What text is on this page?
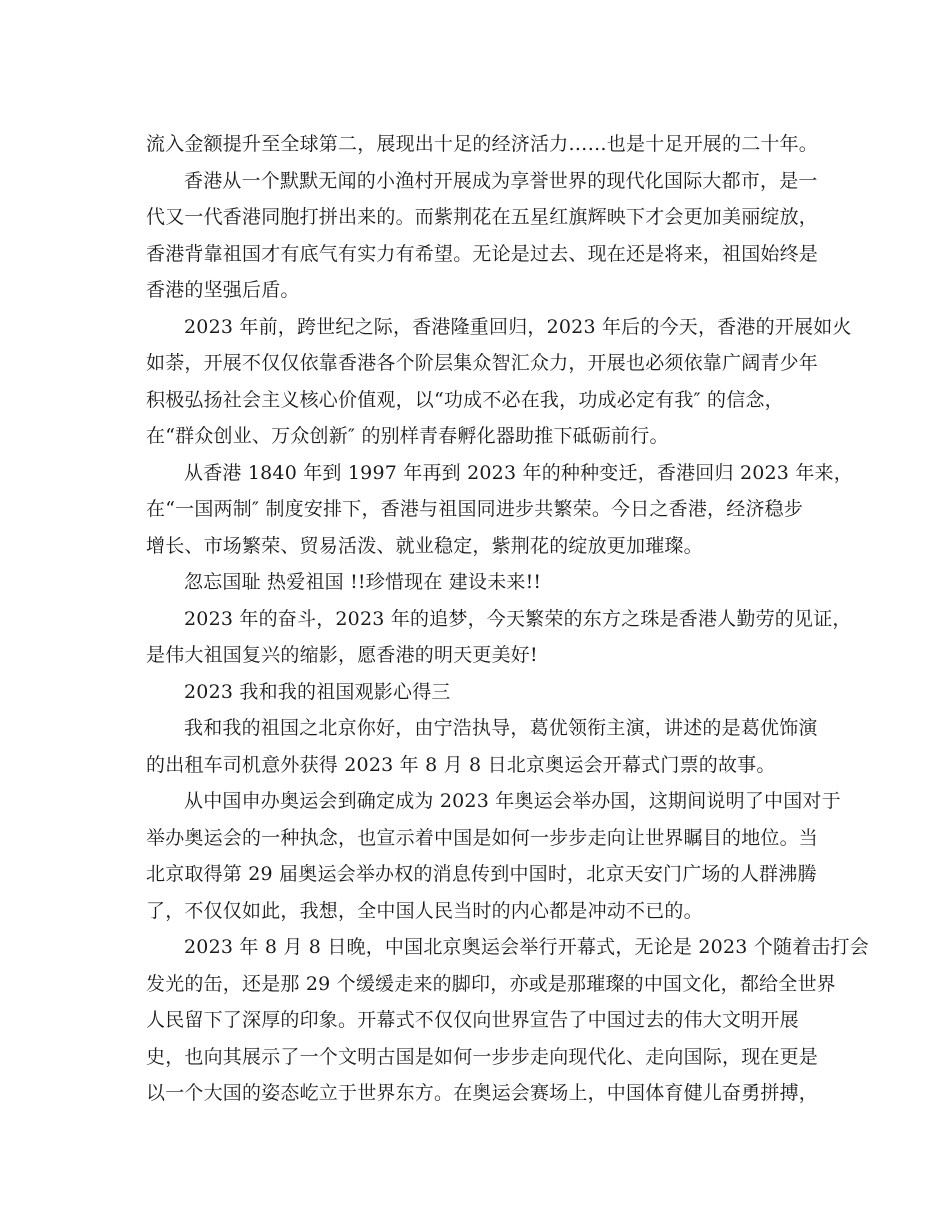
流入金额提升至全球第二，展现出十足的经济活力……也是十足开展的二十年。
香港从一个默默无闻的小渔村开展成为享誉世界的现代化国际大都市，是一
代又一代香港同胞打拼出来的。而紫荆花在五星红旗辉映下才会更加美丽绽放，
香港背靠祖国才有底气有实力有希望。无论是过去、现在还是将来，祖国始终是
香港的坚强后盾。
2023 年前，跨世纪之际，香港隆重回归，2023 年后的今天，香港的开展如火
如荼，开展不仅仅依靠香港各个阶层集众智汇众力，开展也必须依靠广阔青少年
积极弘扬社会主义核心价值观，以“功成不必在我，功成必定有我″ 的信念，
在“群众创业、万众创新″ 的别样青春孵化器助推下砥砺前行。
从香港 1840 年到 1997 年再到 2023 年的种种变迁，香港回归 2023 年来，
在“一国两制″ 制度安排下，香港与祖国同进步共繁荣。今日之香港，经济稳步
增长、市场繁荣、贸易活泼、就业稳定，紫荆花的绽放更加璀璨。
忽忘国耻 热爱祖国 !!珍惜现在 建设未来!!
2023 年的奋斗，2023 年的追梦，今天繁荣的东方之珠是香港人勤劳的见证，
是伟大祖国复兴的缩影，愿香港的明天更美好!
2023 我和我的祖国观影心得三
我和我的祖国之北京你好，由宁浩执导，葛优领衔主演，讲述的是葛优饰演
的出租车司机意外获得 2023 年 8 月 8 日北京奥运会开幕式门票的故事。
从中国申办奥运会到确定成为 2023 年奥运会举办国，这期间说明了中国对于
举办奥运会的一种执念，也宣示着中国是如何一步步走向让世界瞩目的地位。当
北京取得第 29 届奥运会举办权的消息传到中国时，北京天安门广场的人群沸腾
了，不仅仅如此，我想，全中国人民当时的内心都是冲动不已的。
2023 年 8 月 8 日晚，中国北京奥运会举行开幕式，无论是 2023 个随着击打会
发光的缶，还是那 29 个缓缓走来的脚印，亦或是那璀璨的中国文化，都给全世界
人民留下了深厚的印象。开幕式不仅仅向世界宣告了中国过去的伟大文明开展
史，也向其展示了一个文明古国是如何一步步走向现代化、走向国际，现在更是
以一个大国的姿态屹立于世界东方。在奥运会赛场上，中国体育健儿奋勇拼搏，
